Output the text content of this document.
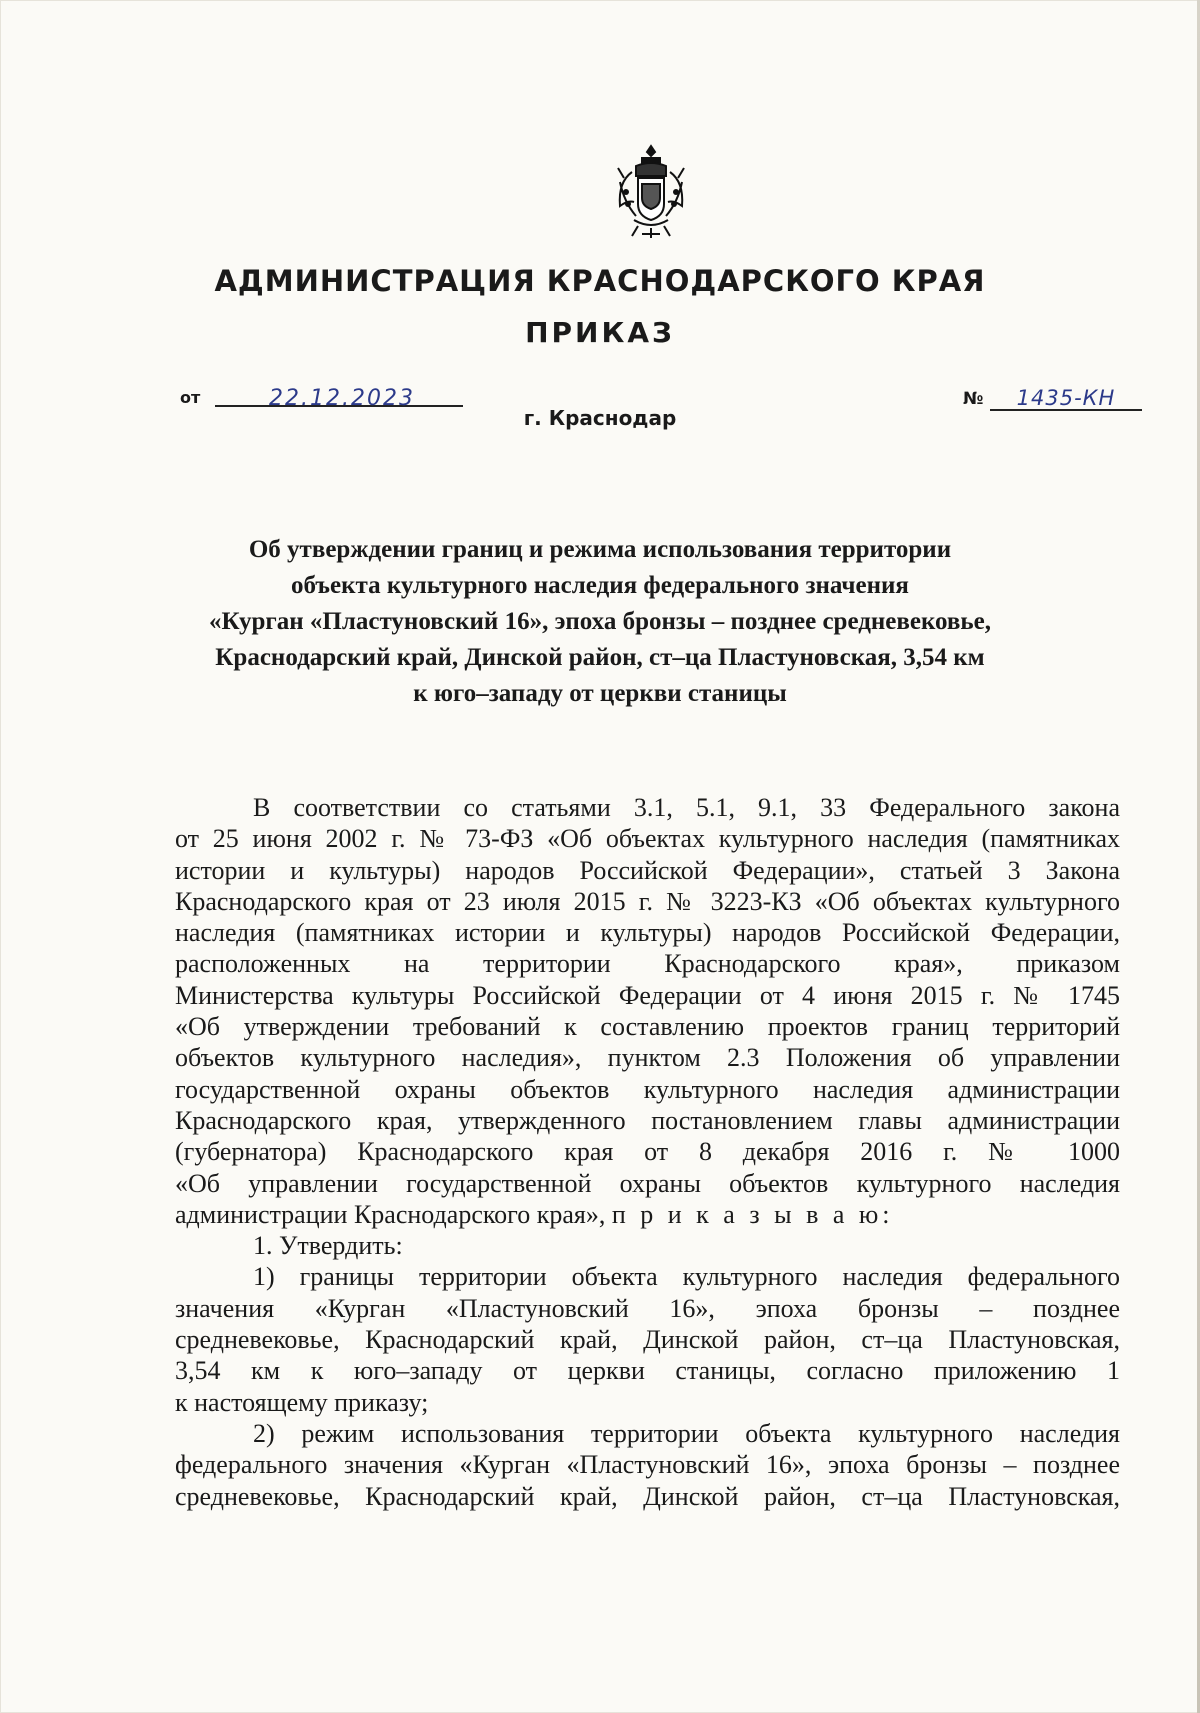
АДМИНИСТРАЦИЯ КРАСНОДАРСКОГО КРАЯ
ПРИКАЗ
от	22.12.2023
г. Краснодар
№	1435-КН
Об утверждении границ и режима использования территории
объекта культурного наследия федерального значения
«Курган «Пластуновский 16», эпоха бронзы – позднее средневековье,
Краснодарский край, Динской район, ст–ца Пластуновская, 3,54 км
к юго–западу от церкви станицы
В соответствии со статьями 3.1, 5.1, 9.1, 33 Федерального закона
от 25 июня 2002 г. № 73-ФЗ «Об объектах культурного наследия (памятниках
истории и культуры) народов Российской Федерации», статьей 3 Закона
Краснодарского края от 23 июля 2015 г. № 3223-КЗ «Об объектах культурного
наследия (памятниках истории и культуры) народов Российской Федерации,
расположенных на территории Краснодарского края», приказом
Министерства культуры Российской Федерации от 4 июня 2015 г. № 1745
«Об утверждении требований к составлению проектов границ территорий
объектов культурного наследия», пунктом 2.3 Положения об управлении
государственной охраны объектов культурного наследия администрации
Краснодарского края, утвержденного постановлением главы администрации
(губернатора) Краснодарского края от 8 декабря 2016 г. № 1000
«Об управлении государственной охраны объектов культурного наследия
администрации Краснодарского края», п р и к а з ы в а ю:
1. Утвердить:
1) границы территории объекта культурного наследия федерального
значения «Курган «Пластуновский 16», эпоха бронзы – позднее
средневековье, Краснодарский край, Динской район, ст–ца Пластуновская,
3,54 км к юго–западу от церкви станицы, согласно приложению 1
к настоящему приказу;
2) режим использования территории объекта культурного наследия
федерального значения «Курган «Пластуновский 16», эпоха бронзы – позднее
средневековье, Краснодарский край, Динской район, ст–ца Пластуновская,
